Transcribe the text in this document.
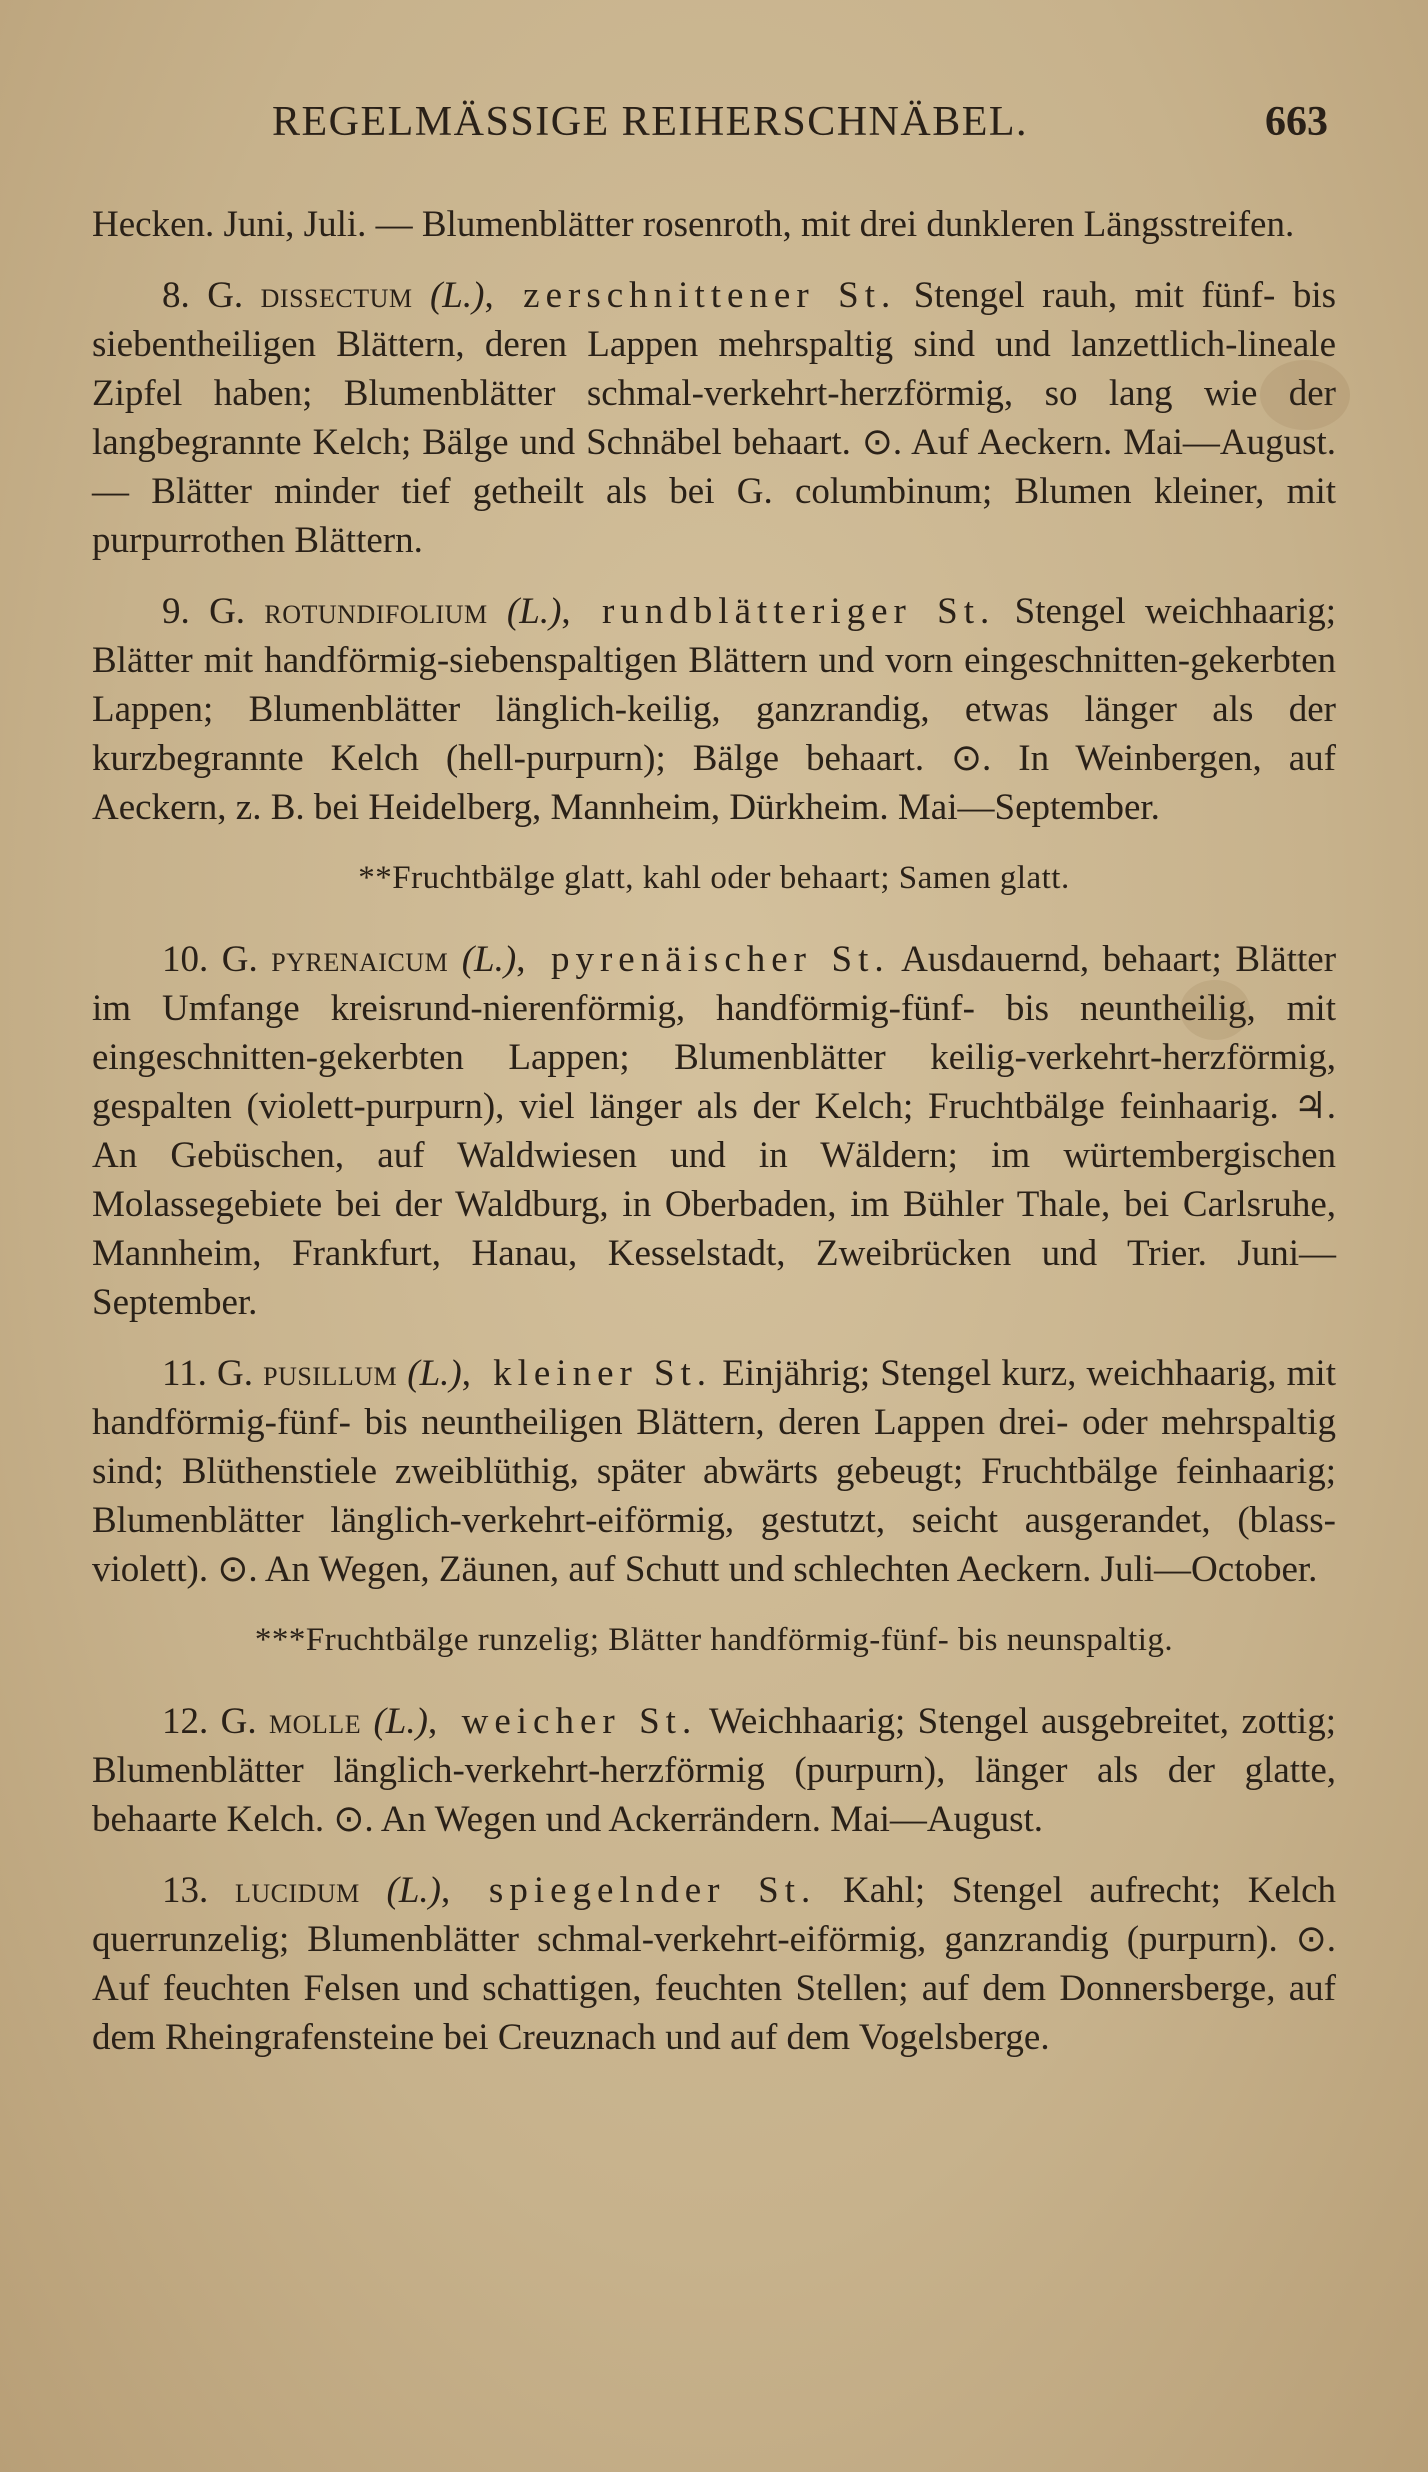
REGELMÄSSIGE REIHERSCHNÄBEL.	663

Hecken. Juni, Juli. — Blumenblätter rosenroth, mit drei dunkleren Längsstreifen.

8. G. dissectum (L.), zerschnittener St. Stengel rauh, mit fünf- bis siebentheiligen Blättern, deren Lappen mehrspaltig sind und lanzettlich-lineale Zipfel haben; Blumenblätter schmal-verkehrt-herzförmig, so lang wie der langbegrannte Kelch; Bälge und Schnäbel behaart. ⊙. Auf Aeckern. Mai—August. — Blätter minder tief getheilt als bei G. columbinum; Blumen kleiner, mit purpurrothen Blättern.

9. G. rotundifolium (L.), rundblätteriger St. Stengel weichhaarig; Blätter mit handförmig-siebenspaltigen Blättern und vorn eingeschnitten-gekerbten Lappen; Blumenblätter länglich-keilig, ganzrandig, etwas länger als der kurzbegrannte Kelch (hell-purpurn); Bälge behaart. ⊙. In Weinbergen, auf Aeckern, z. B. bei Heidelberg, Mannheim, Dürkheim. Mai—September.

**Fruchtbälge glatt, kahl oder behaart; Samen glatt.

10. G. pyrenaicum (L.), pyrenäischer St. Ausdauernd, behaart; Blätter im Umfange kreisrund-nierenförmig, handförmig-fünf- bis neuntheilig, mit eingeschnitten-gekerbten Lappen; Blumenblätter keilig-verkehrt-herzförmig, gespalten (violett-purpurn), viel länger als der Kelch; Fruchtbälge feinhaarig. ♃. An Gebüschen, auf Waldwiesen und in Wäldern; im würtembergischen Molassegebiete bei der Waldburg, in Oberbaden, im Bühler Thale, bei Carlsruhe, Mannheim, Frankfurt, Hanau, Kesselstadt, Zweibrücken und Trier. Juni—September.

11. G. pusillum (L.), kleiner St. Einjährig; Stengel kurz, weichhaarig, mit handförmig-fünf- bis neuntheiligen Blättern, deren Lappen drei- oder mehrspaltig sind; Blüthenstiele zweiblüthig, später abwärts gebeugt; Fruchtbälge feinhaarig; Blumenblätter länglich-verkehrt-eiförmig, gestutzt, seicht ausgerandet, (blass-violett). ⊙. An Wegen, Zäunen, auf Schutt und schlechten Aeckern. Juli—October.

***Fruchtbälge runzelig; Blätter handförmig-fünf- bis neunspaltig.

12. G. molle (L.), weicher St. Weichhaarig; Stengel ausgebreitet, zottig; Blumenblätter länglich-verkehrt-herzförmig (purpurn), länger als der glatte, behaarte Kelch. ⊙. An Wegen und Ackerrändern. Mai—August.

13. lucidum (L.), spiegelnder St. Kahl; Stengel aufrecht; Kelch querrunzelig; Blumenblätter schmal-verkehrt-eiförmig, ganzrandig (purpurn). ⊙. Auf feuchten Felsen und schattigen, feuchten Stellen; auf dem Donnersberge, auf dem Rheingrafensteine bei Creuznach und auf dem Vogelsberge.
